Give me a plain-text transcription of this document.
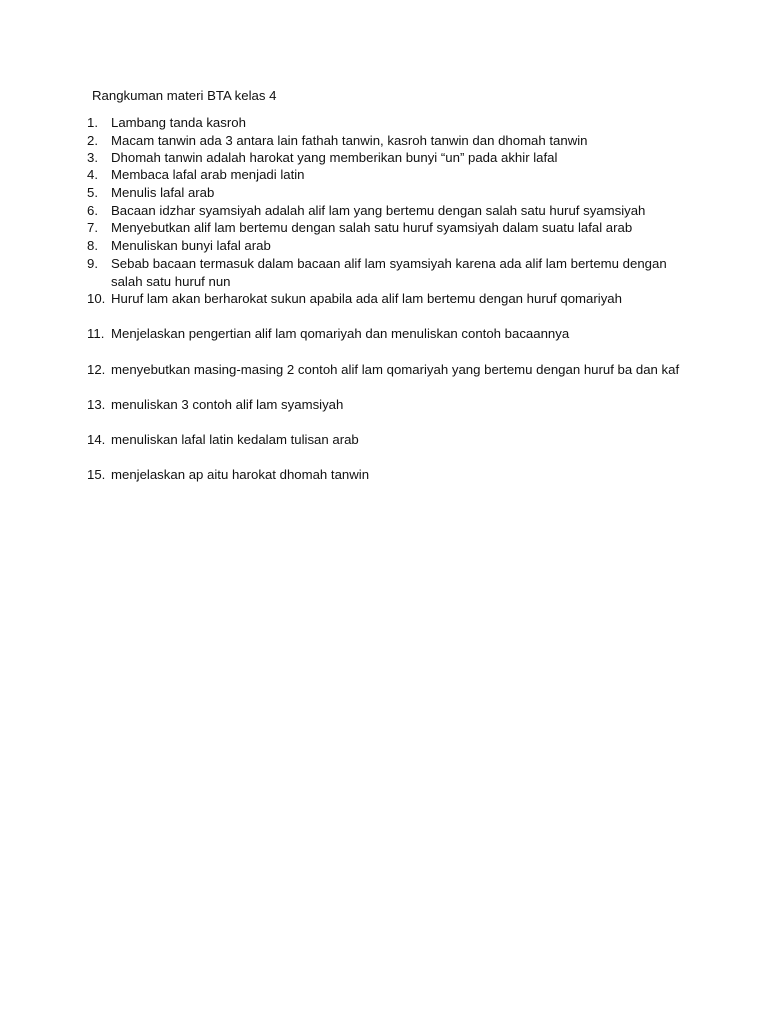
Rangkuman materi BTA kelas 4
1. Lambang tanda kasroh
2. Macam tanwin ada 3 antara lain fathah tanwin, kasroh tanwin dan dhomah tanwin
3. Dhomah tanwin adalah harokat yang memberikan bunyi “un” pada akhir lafal
4. Membaca lafal arab menjadi latin
5. Menulis lafal arab
6. Bacaan idzhar syamsiyah adalah alif lam yang bertemu dengan salah satu huruf syamsiyah
7. Menyebutkan alif lam bertemu dengan salah satu huruf syamsiyah dalam suatu lafal arab
8. Menuliskan bunyi lafal arab
9. Sebab bacaan termasuk dalam bacaan alif lam syamsiyah karena ada alif lam bertemu dengan salah satu huruf nun
10. Huruf lam akan berharokat sukun apabila ada alif lam bertemu dengan huruf qomariyah
11. Menjelaskan pengertian alif lam qomariyah dan menuliskan contoh bacaannya
12. menyebutkan masing-masing 2 contoh alif lam qomariyah yang bertemu dengan huruf ba dan kaf
13. menuliskan 3 contoh alif lam syamsiyah
14. menuliskan lafal latin kedalam tulisan arab
15. menjelaskan ap aitu harokat dhomah tanwin
